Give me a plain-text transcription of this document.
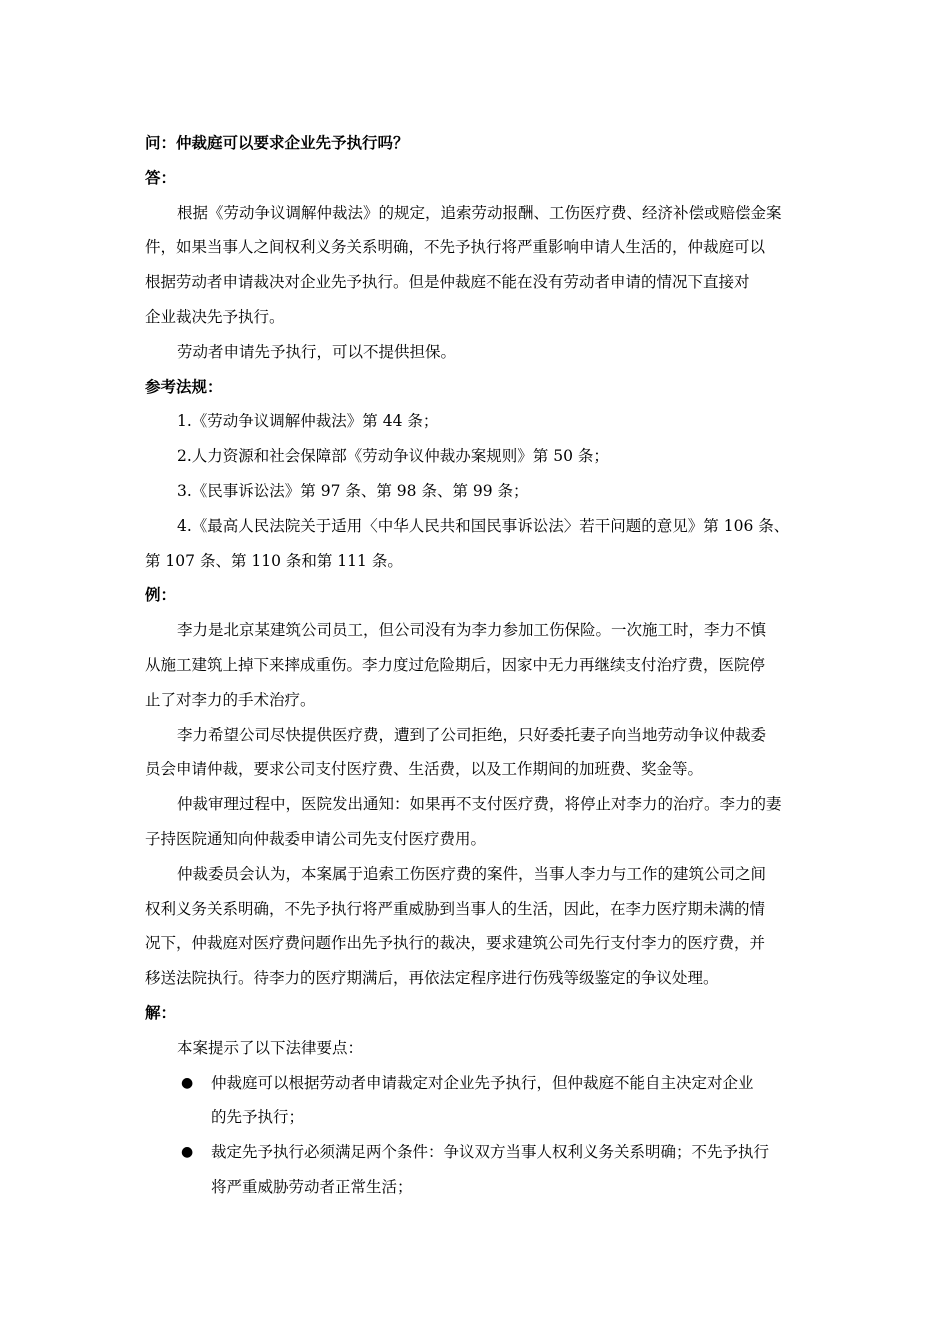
问：仲裁庭可以要求企业先予执行吗？
答：
根据《劳动争议调解仲裁法》的规定，追索劳动报酬、工伤医疗费、经济补偿或赔偿金案
件，如果当事人之间权利义务关系明确，不先予执行将严重影响申请人生活的，仲裁庭可以
根据劳动者申请裁决对企业先予执行。但是仲裁庭不能在没有劳动者申请的情况下直接对
企业裁决先予执行。
劳动者申请先予执行，可以不提供担保。
参考法规：
1.《劳动争议调解仲裁法》第 44 条；
2.人力资源和社会保障部《劳动争议仲裁办案规则》第 50 条；
3.《民事诉讼法》第 97 条、第 98 条、第 99 条；
4.《最高人民法院关于适用〈中华人民共和国民事诉讼法〉若干问题的意见》第 106 条、
第 107 条、第 110 条和第 111 条。
例：
李力是北京某建筑公司员工，但公司没有为李力参加工伤保险。一次施工时，李力不慎
从施工建筑上掉下来摔成重伤。李力度过危险期后，因家中无力再继续支付治疗费，医院停
止了对李力的手术治疗。
李力希望公司尽快提供医疗费，遭到了公司拒绝，只好委托妻子向当地劳动争议仲裁委
员会申请仲裁，要求公司支付医疗费、生活费，以及工作期间的加班费、奖金等。
仲裁审理过程中，医院发出通知：如果再不支付医疗费，将停止对李力的治疗。李力的妻
子持医院通知向仲裁委申请公司先支付医疗费用。
仲裁委员会认为，本案属于追索工伤医疗费的案件，当事人李力与工作的建筑公司之间
权利义务关系明确，不先予执行将严重威胁到当事人的生活，因此，在李力医疗期未满的情
况下，仲裁庭对医疗费问题作出先予执行的裁决，要求建筑公司先行支付李力的医疗费，并
移送法院执行。待李力的医疗期满后，再依法定程序进行伤残等级鉴定的争议处理。
解：
本案提示了以下法律要点：
● 仲裁庭可以根据劳动者申请裁定对企业先予执行，但仲裁庭不能自主决定对企业
的先予执行；
● 裁定先予执行必须满足两个条件：争议双方当事人权利义务关系明确；不先予执行
将严重威胁劳动者正常生活；
